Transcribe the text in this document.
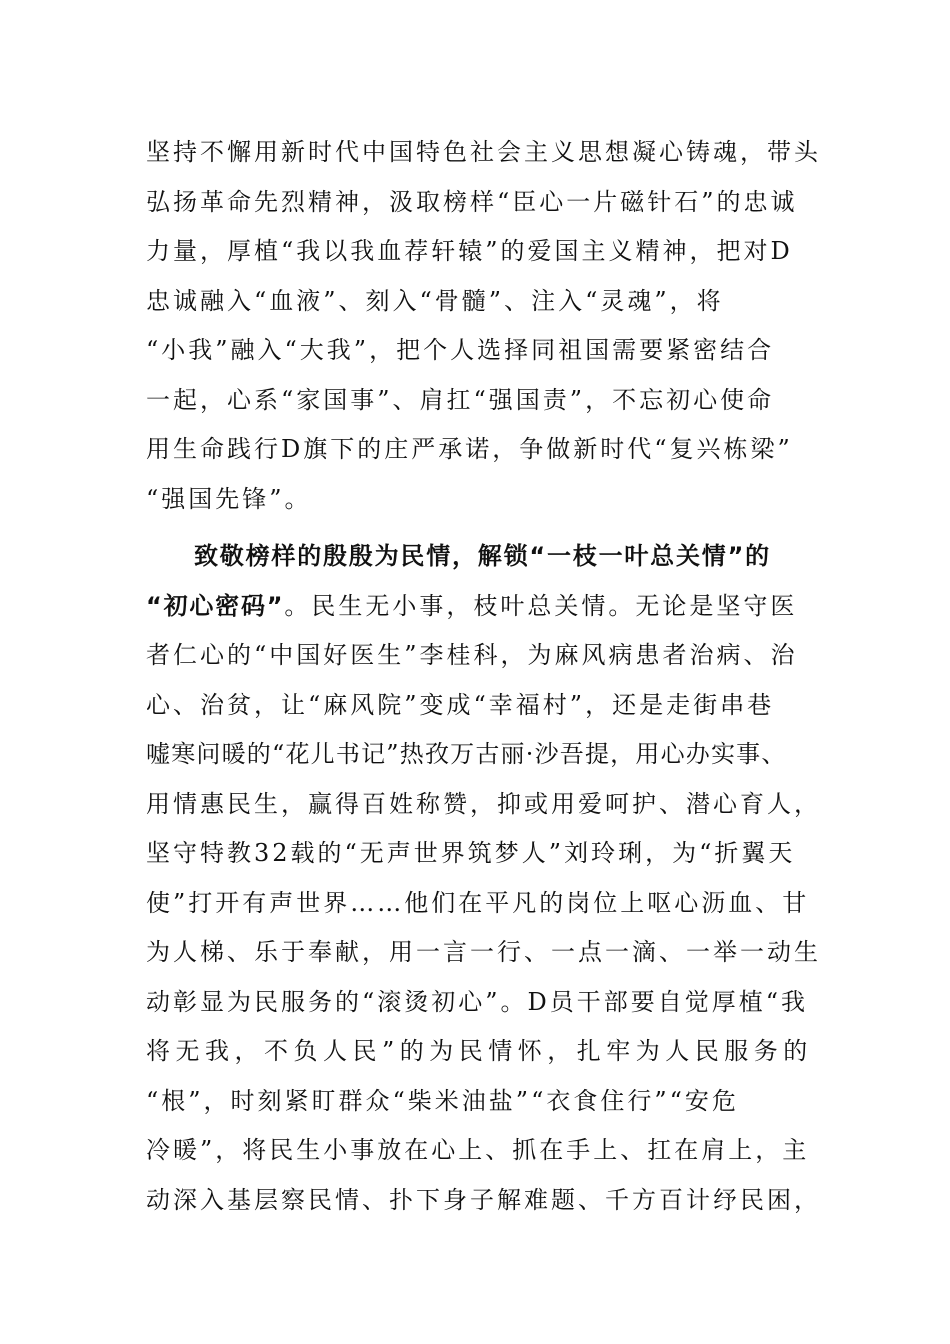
坚持不懈用新时代中国特色社会主义思想凝心铸魂，带头
弘扬革命先烈精神，汲取榜样“臣心一片磁针石”的忠诚
力量，厚植“我以我血荐轩辕”的爱国主义精神，把对D
忠诚融入“血液”、刻入“骨髓”、注入“灵魂”，将
“小我”融入“大我”，把个人选择同祖国需要紧密结合
一起，心系“家国事”、肩扛“强国责”，不忘初心使命
用生命践行D旗下的庄严承诺，争做新时代“复兴栋梁”
“强国先锋”。
致敬榜样的殷殷为民情，解锁“一枝一叶总关情”的
“初心密码”。民生无小事，枝叶总关情。无论是坚守医
者仁心的“中国好医生”李桂科，为麻风病患者治病、治
心、治贫，让“麻风院”变成“幸福村”，还是走街串巷
嘘寒问暖的“花儿书记”热孜万古丽·沙吾提，用心办实事、
用情惠民生，赢得百姓称赞，抑或用爱呵护、潜心育人，
坚守特教32载的“无声世界筑梦人”刘玲琍，为“折翼天
使”打开有声世界……他们在平凡的岗位上呕心沥血、甘
为人梯、乐于奉献，用一言一行、一点一滴、一举一动生
动彰显为民服务的“滚烫初心”。D员干部要自觉厚植“我
将无我，不负人民”的为民情怀，扎牢为人民服务的
“根”，时刻紧盯群众“柴米油盐”“衣食住行”“安危
冷暖”，将民生小事放在心上、抓在手上、扛在肩上，主
动深入基层察民情、扑下身子解难题、千方百计纾民困，
